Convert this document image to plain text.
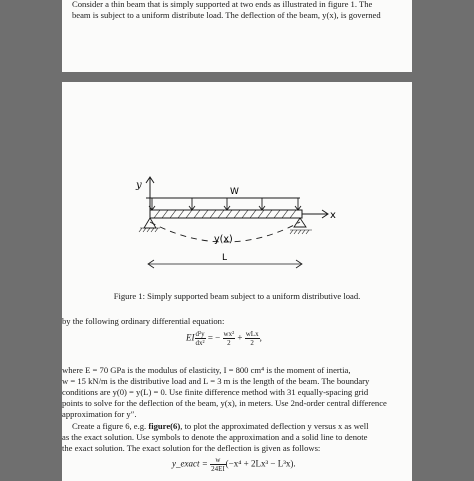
Consider a thin beam that is simply supported at two ends as illustrated in figure 1. The
beam is subject to a uniform distribute load. The deflection of the beam, y(x), is governed
y
W
x
y(x)
L
Figure 1: Simply supported beam subject to a uniform distributive load.
by the following ordinary differential equation:
EI $\frac{\text{d²y}}{\text{dx²}}$ = − $\frac{\text{wx²}}{2} + \frac{\text{wLx}}{2}$ ,
where E = 70 GPa is the modulus of elasticity, I = 800 cm⁴ is the moment of inertia,
w = 15 kN/m is the distributive load and L = 3 m is the length of the beam. The boundary
conditions are y(0) = y(L) = 0. Use finite difference method with 31 equally-spacing grid
points to solve for the deflection of the beam, y(x), in meters. Use 2nd-order central difference
approximation for y″.
Create a figure 6, e.g. figure(6), to plot the approximated deflection y versus x as well
as the exact solution. Use symbols to denote the approximation and a solid line to denote
the exact solution. The exact solution for the deflection is given as follows:
y_exact = $\frac{w}{24EI} (-x^4 + 2Lx^3 - L^3x)$.
